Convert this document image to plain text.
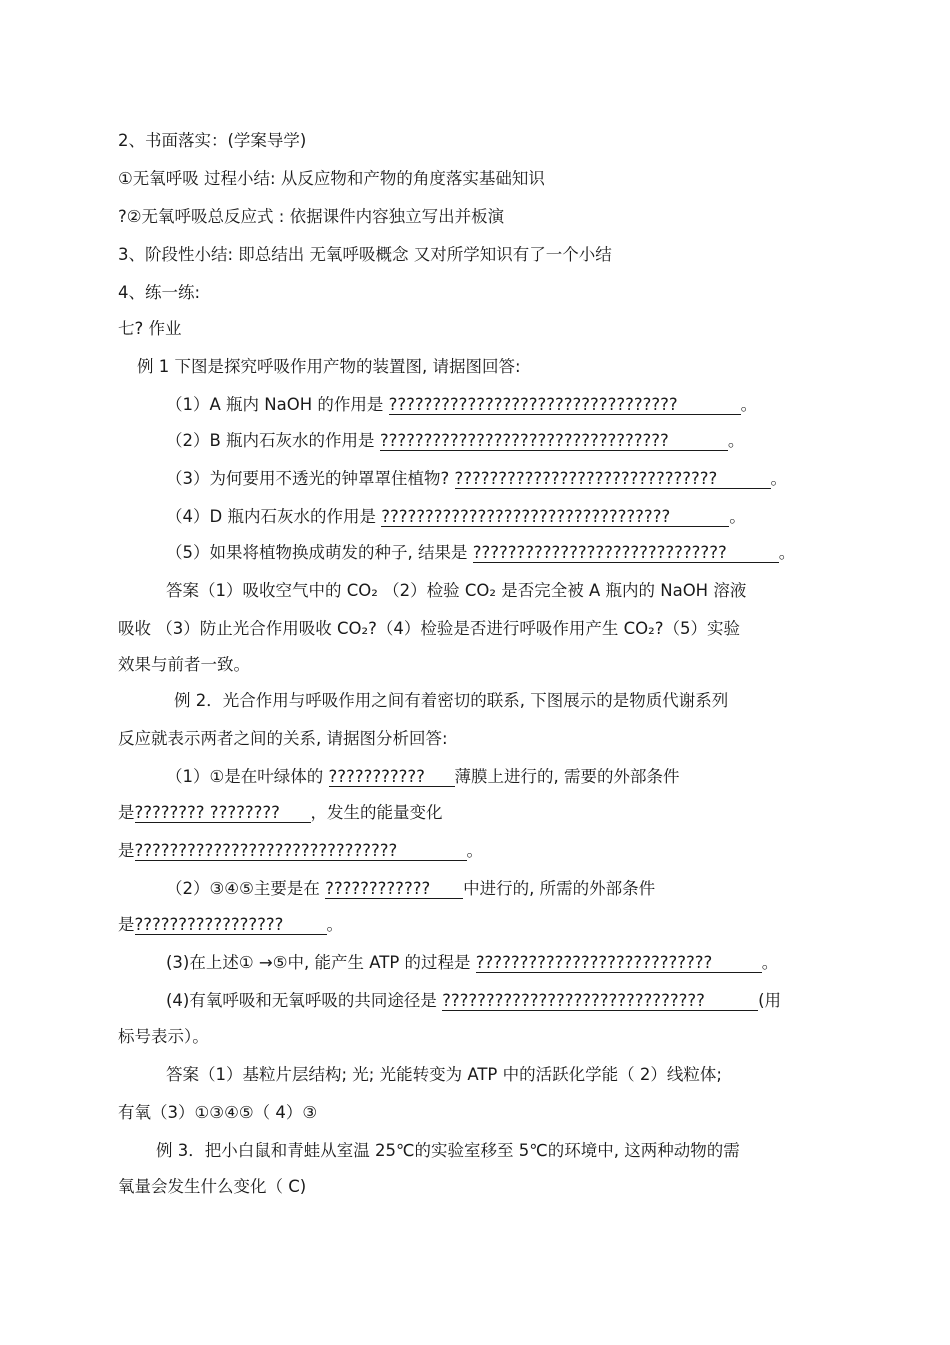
2、书面落实：(学案导学)
①无氧呼吸 过程小结: 从反应物和产物的角度落实基础知识
?②无氧呼吸总反应式 : 依据课件内容独立写出并板演
3、阶段性小结: 即总结出 无氧呼吸概念 又对所学知识有了一个小结
4、练一练:
七? 作业
例 1 下图是探究呼吸作用产物的装置图, 请据图回答:
（1）A 瓶内 NaOH 的作用是 ?????????????????????????????????	。
（2）B 瓶内石灰水的作用是 ?????????????????????????????????	。
（3）为何要用不透光的钟罩罩住植物? ??????????????????????????????	。
（4）D 瓶内石灰水的作用是 ?????????????????????????????????	。
（5）如果将植物换成萌发的种子, 结果是 ?????????????????????????????	。
答案（1）吸收空气中的 CO₂ （2）检验 CO₂ 是否完全被 A 瓶内的 NaOH 溶液
吸收 （3）防止光合作用吸收 CO₂?（4）检验是否进行呼吸作用产生 CO₂?（5）实验
效果与前者一致。
例 2．光合作用与呼吸作用之间有着密切的联系, 下图展示的是物质代谢系列
反应就表示两者之间的关系, 请据图分析回答:
（1）①是在叶绿体的 ??????????? 薄膜上进行的, 需要的外部条件
是???????? ???????? ，发生的能量变化
是??????????????????????????????	。
（2）③④⑤主要是在 ???????????? 中进行的, 所需的外部条件
是?????????????????	。
(3)在上述① →⑤中, 能产生 ATP 的过程是 ???????????????????????????	。
(4)有氧呼吸和无氧呼吸的共同途径是 ??????????????????????????????	(用
标号表示）。
答案（1）基粒片层结构; 光; 光能转变为 ATP 中的活跃化学能（ 2）线粒体;
有氧（3）①③④⑤（ 4）③
例 3．把小白鼠和青蛙从室温 25℃的实验室移至 5℃的环境中, 这两种动物的需
氧量会发生什么变化（ C)
